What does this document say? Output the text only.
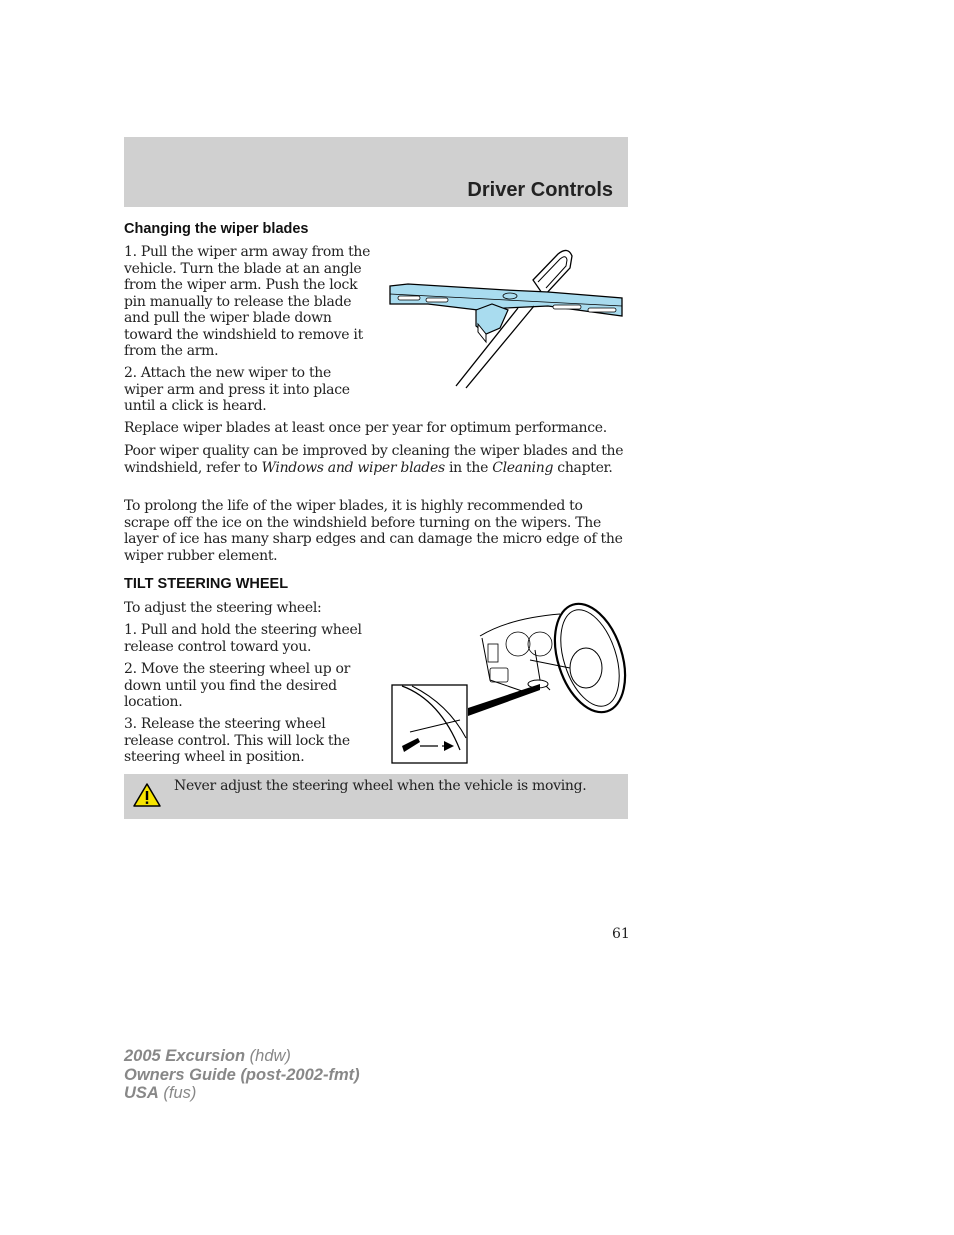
Driver Controls
Changing the wiper blades
1. Pull the wiper arm away from the vehicle. Turn the blade at an angle from the wiper arm. Push the lock pin manually to release the blade and pull the wiper blade down toward the windshield to remove it from the arm.
2. Attach the new wiper to the wiper arm and press it into place until a click is heard.
Replace wiper blades at least once per year for optimum performance.
Poor wiper quality can be improved by cleaning the wiper blades and the windshield, refer to Windows and wiper blades in the Cleaning chapter.
To prolong the life of the wiper blades, it is highly recommended to scrape off the ice on the windshield before turning on the wipers. The layer of ice has many sharp edges and can damage the micro edge of the wiper rubber element.
TILT STEERING WHEEL
To adjust the steering wheel:
1. Pull and hold the steering wheel release control toward you.
2. Move the steering wheel up or down until you find the desired location.
3. Release the steering wheel release control. This will lock the steering wheel in position.
Never adjust the steering wheel when the vehicle is moving.
61
2005 Excursion (hdw)
Owners Guide (post-2002-fmt)
USA (fus)
